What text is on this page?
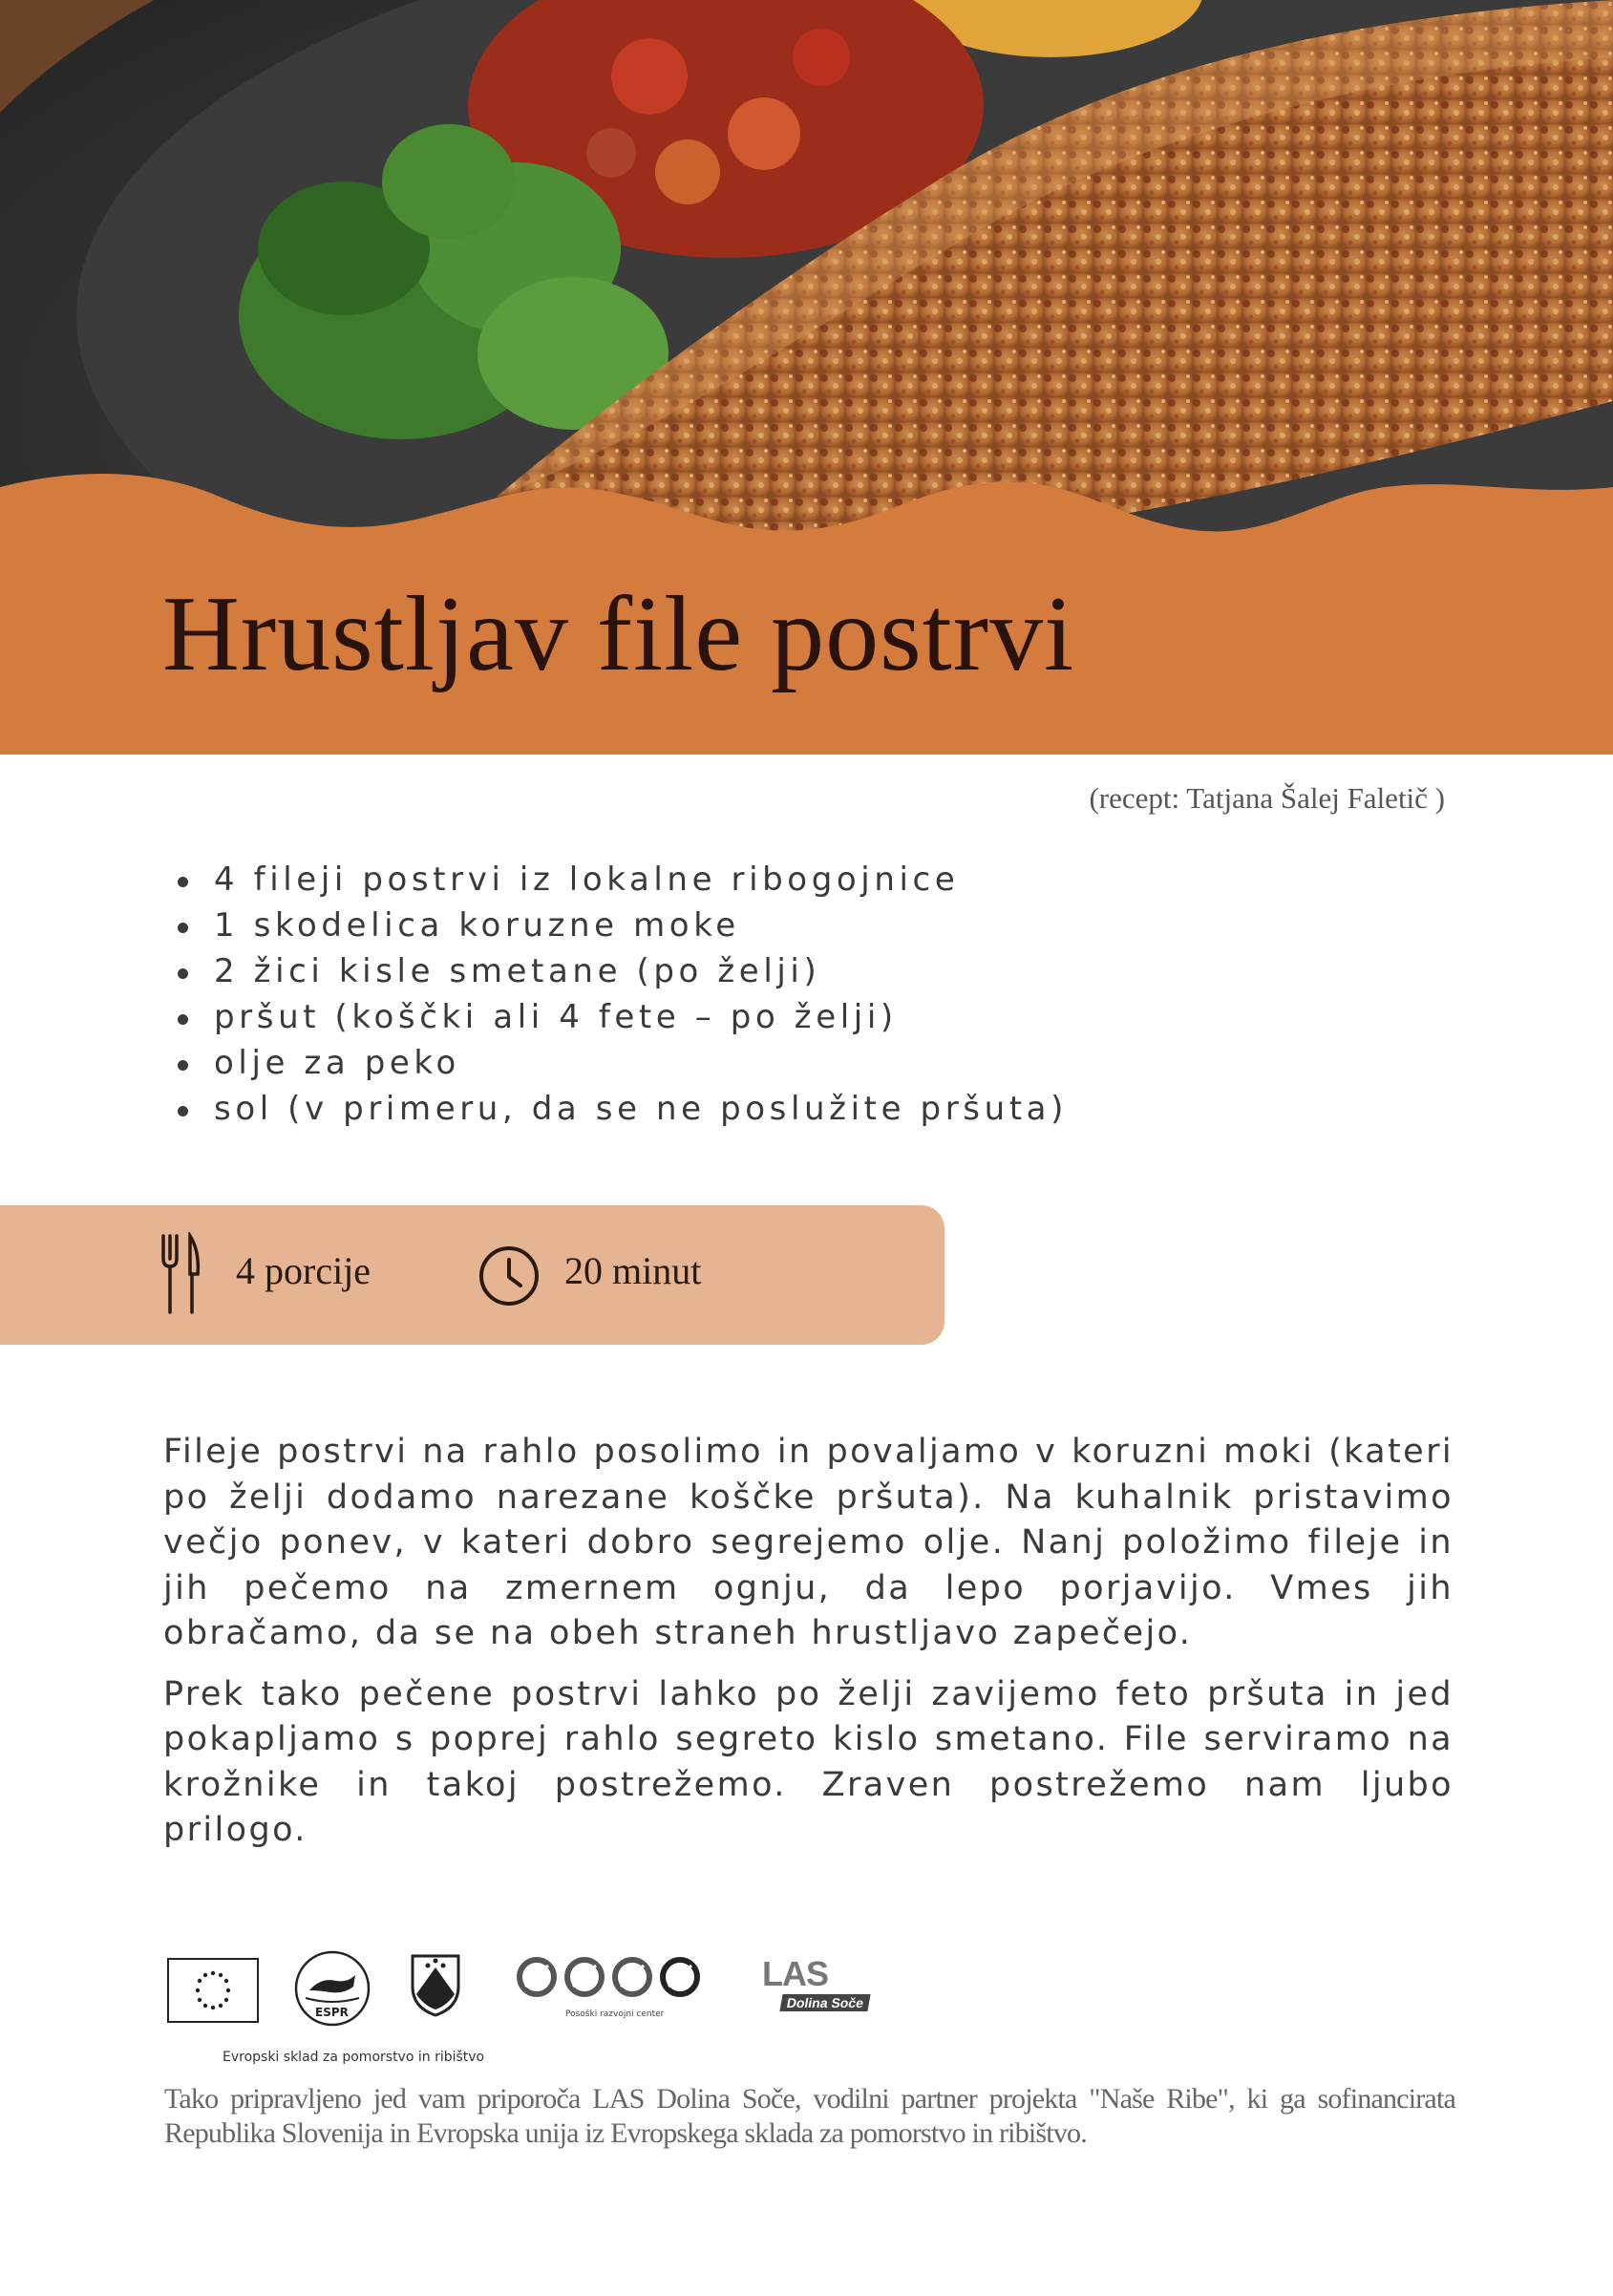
Hrustljav file postrvi
(recept: Tatjana Šalej Faletič )
4 fileji postrvi iz lokalne ribogojnice
1 skodelica koruzne moke
2 žici kisle smetane (po želji)
pršut (koščki ali 4 fete – po želji)
olje za peko
sol (v primeru, da se ne poslužite pršuta)
4 porcije	20 minut

Fileje postrvi na rahlo posolimo in povaljamo v koruzni moki (kateri po želji dodamo narezane koščke pršuta). Na kuhalnik pristavimo večjo ponev, v kateri dobro segrejemo olje. Nanj položimo fileje in jih pečemo na zmernem ognju, da lepo porjavijo. Vmes jih obračamo, da se na obeh straneh hrustljavo zapečejo.

Prek tako pečene postrvi lahko po želji zavijemo feto pršuta in jed pokapljamo s poprej rahlo segreto kislo smetano. File serviramo na krožnike in takoj postrežemo. Zraven postrežemo nam ljubo prilogo.

ESPR	Posoški razvojni center
LAS
Dolina Soče
Evropski sklad za pomorstvo in ribištvo

Tako pripravljeno jed vam priporoča LAS Dolina Soče, vodilni partner projekta "Naše Ribe", ki ga sofinancirata Republika Slovenija in Evropska unija iz Evropskega sklada za pomorstvo in ribištvo.
